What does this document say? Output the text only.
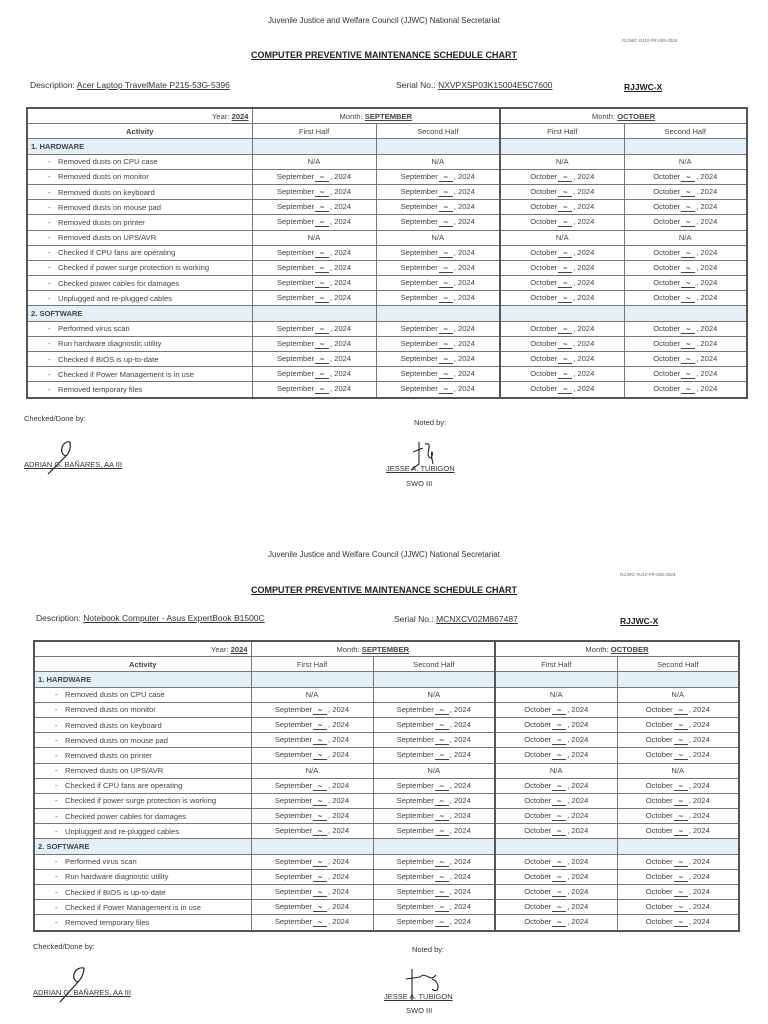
Juvenile Justice and Welfare Council (JJWC) National Secretariat
RJJWC-RJ10-FR-009-2024
COMPUTER PREVENTIVE MAINTENANCE SCHEDULE CHART
Description: Acer Laptop TravelMate P215-53G-5396	Serial No.: NXVPXSP03K15004E5C7600	RJJWC-X
Year: 2024	Month: SEPTEMBER		Month: OCTOBER	
Activity	First Half	Second Half	First Half	Second Half
1. HARDWARE				
- Removed dusts on CPU case	N/A	N/A	N/A	N/A
- Removed dusts on monitor	September ~ , 2024	September ~ , 2024	October ~ , 2024	October ~ , 2024
- Removed dusts on keyboard	September ~ , 2024	September ~ , 2024	October ~ , 2024	October ~ , 2024
- Removed dusts on mouse pad	September ~ , 2024	September ~ , 2024	October ~ , 2024	October ~ , 2024
- Removed dusts on printer	September ~ , 2024	September ~ , 2024	October ~ , 2024	October ~ , 2024
- Removed dusts on UPS/AVR	N/A	N/A	N/A	N/A
- Checked if CPU fans are operating	September ~ , 2024	September ~ , 2024	October ~ , 2024	October ~ , 2024
- Checked if power surge protection is working	September ~ , 2024	September ~ , 2024	October ~ , 2024	October ~ , 2024
- Checked power cables for damages	September ~ , 2024	September ~ , 2024	October ~ , 2024	October ~ , 2024
- Unplugged and re-plugged cables	September ~ , 2024	September ~ , 2024	October ~ , 2024	October ~ , 2024
2. SOFTWARE				
- Performed virus scan	September ~ , 2024	September ~ , 2024	October ~ , 2024	October ~ , 2024
- Run hardware diagnostic utility	September ~ , 2024	September ~ , 2024	October ~ , 2024	October ~ , 2024
- Checked if BIOS is up-to-date	September ~ , 2024	September ~ , 2024	October ~ , 2024	October ~ , 2024
- Checked if Power Management is in use	September ~ , 2024	September ~ , 2024	October ~ , 2024	October ~ , 2024
- Removed temporary files	September ~ , 2024	September ~ , 2024	October ~ , 2024	October ~ , 2024
Checked/Done by:
ADRIAN G. BAÑARES, AA III
Noted by:
JESSE A. TUBIGON
SWO III
Juvenile Justice and Welfare Council (JJWC) National Secretariat
RJJWC-RJ10-FR-008-2024
COMPUTER PREVENTIVE MAINTENANCE SCHEDULE CHART
Description: Notebook Computer - Asus ExpertBook B1500C	Serial No.: MCNXCV02M867487	RJJWC-X
Year: 2024	Month: SEPTEMBER		Month: OCTOBER	
Activity	First Half	Second Half	First Half	Second Half
1. HARDWARE				
- Removed dusts on CPU case	N/A	N/A	N/A	N/A
- Removed dusts on monitor	September ~ , 2024	September ~ , 2024	October ~ , 2024	October ~ , 2024
- Removed dusts on keyboard	September ~ , 2024	September ~ , 2024	October ~ , 2024	October ~ , 2024
- Removed dusts on mouse pad	September ~ , 2024	September ~ , 2024	October ~ , 2024	October ~ , 2024
- Removed dusts on printer	September ~ , 2024	September ~ , 2024	October ~ , 2024	October ~ , 2024
- Removed dusts on UPS/AVR	N/A	N/A	N/A	N/A
- Checked if CPU fans are operating	September ~ , 2024	September ~ , 2024	October ~ , 2024	October ~ , 2024
- Checked if power surge protection is working	September ~ , 2024	September ~ , 2024	October ~ , 2024	October ~ , 2024
- Checked power cables for damages	September ~ , 2024	September ~ , 2024	October ~ , 2024	October ~ , 2024
- Unplugged and re-plugged cables	September ~ , 2024	September ~ , 2024	October ~ , 2024	October ~ , 2024
2. SOFTWARE				
- Performed virus scan	September ~ , 2024	September ~ , 2024	October ~ , 2024	October ~ , 2024
- Run hardware diagnostic utility	September ~ , 2024	September ~ , 2024	October ~ , 2024	October ~ , 2024
- Checked if BIOS is up-to-date	September ~ , 2024	September ~ , 2024	October ~ , 2024	October ~ , 2024
- Checked if Power Management is in use	September ~ , 2024	September ~ , 2024	October ~ , 2024	October ~ , 2024
- Removed temporary files	September ~ , 2024	September ~ , 2024	October ~ , 2024	October ~ , 2024
Checked/Done by:
ADRIAN G. BAÑARES, AA III
Noted by:
JESSE A. TUBIGON
SWO III
